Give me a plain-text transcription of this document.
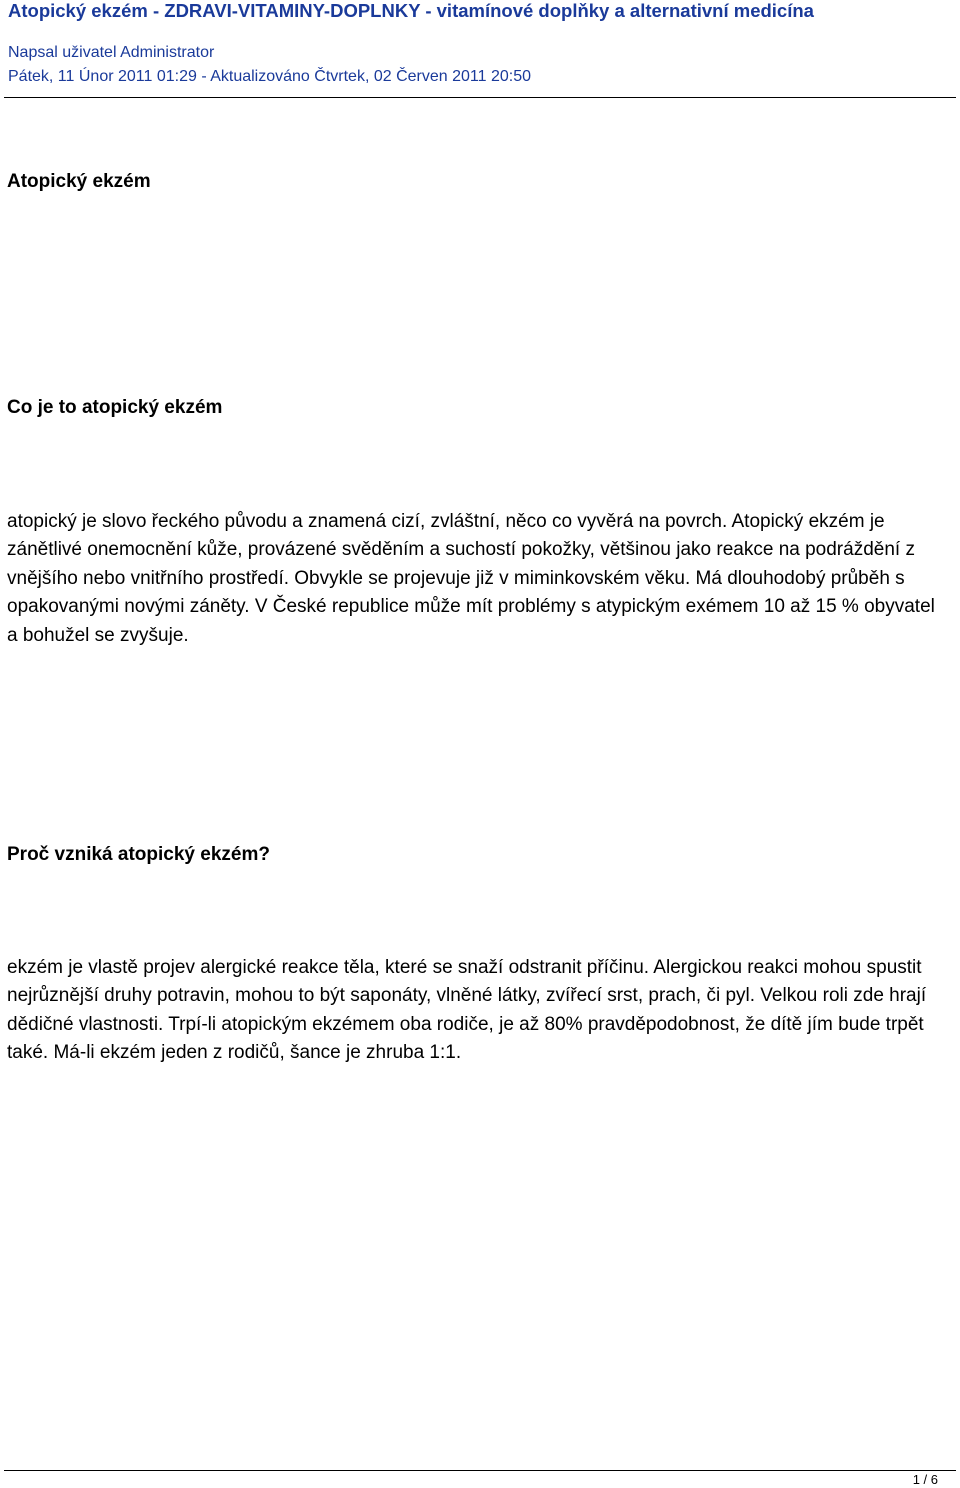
Atopický ekzém - ZDRAVI-VITAMINY-DOPLNKY - vitamínové doplňky a alternativní medicína
Napsal uživatel Administrator
Pátek, 11 Únor 2011 01:29 - Aktualizováno Čtvrtek, 02 Červen 2011 20:50
Atopický ekzém
Co je to atopický ekzém

atopický je slovo řeckého původu a znamená cizí, zvláštní, něco co vyvěrá na povrch. Atopický ekzém je zánětlivé onemocnění kůže, provázené svěděním a suchostí pokožky, většinou jako reakce na podráždění z vnějšího nebo vnitřního prostředí. Obvykle se projevuje již v miminkovském věku. Má dlouhodobý průběh s opakovanými novými záněty. V České republice může mít problémy s atypickým exémem 10 až 15 % obyvatel a bohužel se zvyšuje.

Proč vzniká atopický ekzém?

ekzém je vlastě projev alergické reakce těla, které se snaží odstranit příčinu. Alergickou reakci mohou spustit nejrůznější druhy potravin, mohou to být saponáty, vlněné látky, zvířecí srst, prach, či pyl. Velkou roli zde hrají dědičné vlastnosti. Trpí-li atopickým ekzémem oba rodiče, je až 80% pravděpodobnost, že dítě jím bude trpět také. Má-li ekzém jeden z rodičů, šance je zhruba 1:1.

1 / 6
